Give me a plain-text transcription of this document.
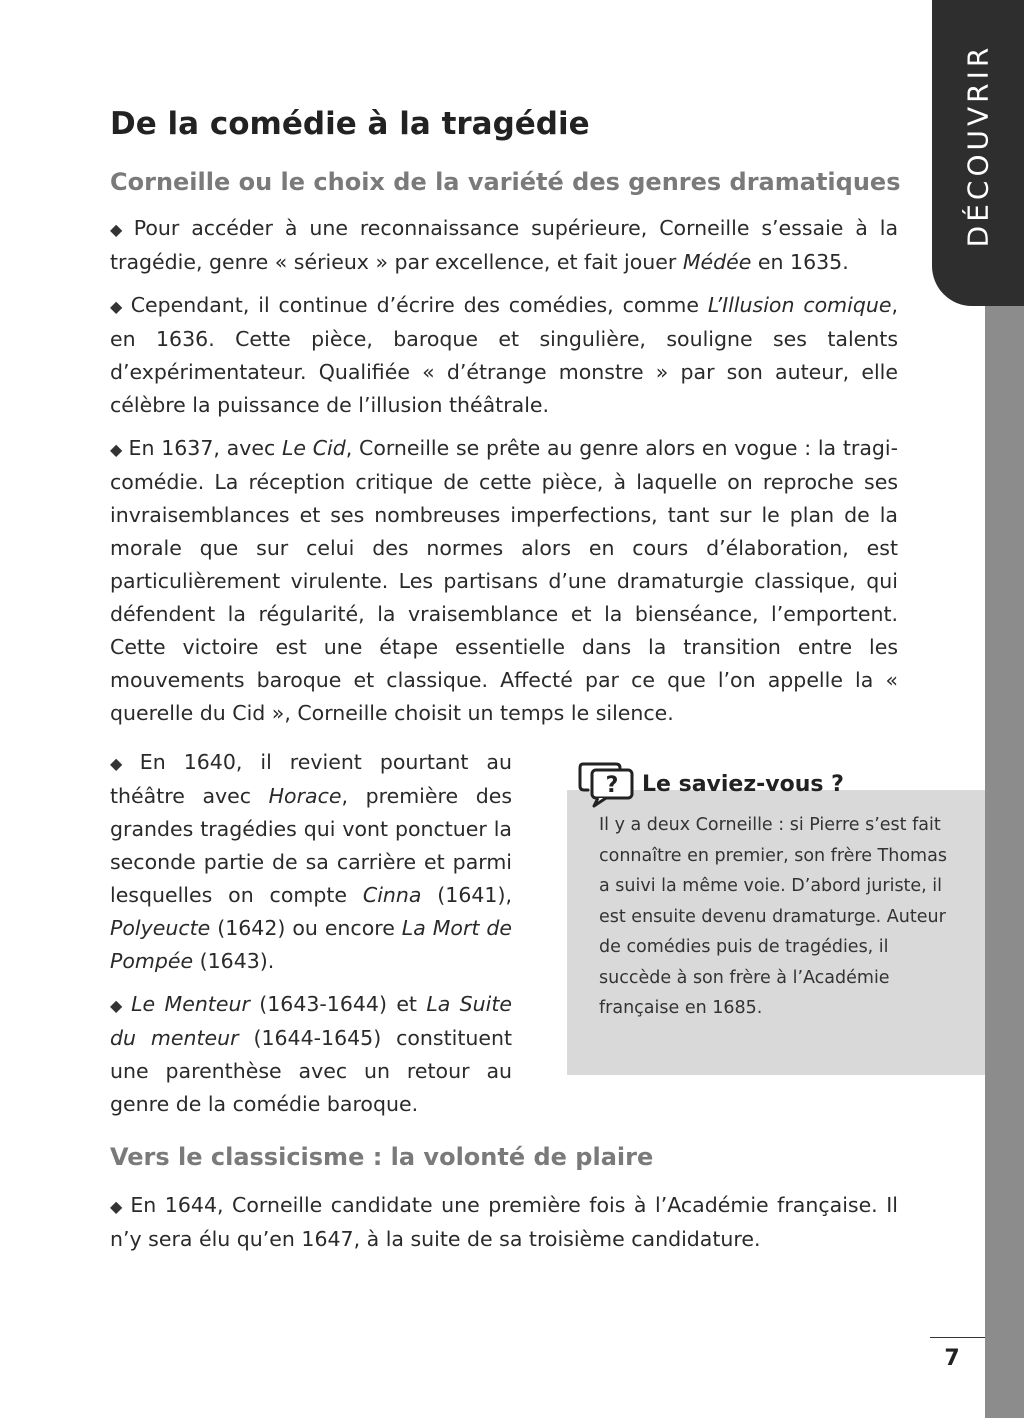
DÉCOUVRIR
De la comédie à la tragédie
Corneille ou le choix de la variété des genres dramatiques

◆ Pour accéder à une reconnaissance supérieure, Corneille s’essaie à la tragédie, genre « sérieux » par excellence, et fait jouer Médée en 1635.

◆ Cependant, il continue d’écrire des comédies, comme L’Illusion comique, en 1636. Cette pièce, baroque et singulière, souligne ses talents d’expérimentateur. Qualifiée « d’étrange monstre » par son auteur, elle célèbre la puissance de l’illusion théâtrale.

◆ En 1637, avec Le Cid, Corneille se prête au genre alors en vogue : la tragi-comédie. La réception critique de cette pièce, à laquelle on reproche ses invraisemblances et ses nombreuses imperfections, tant sur le plan de la morale que sur celui des normes alors en cours d’élaboration, est particulièrement virulente. Les partisans d’une dramaturgie classique, qui défendent la régularité, la vraisemblance et la bienséance, l’emportent. Cette victoire est une étape essentielle dans la transition entre les mouvements baroque et classique. Affecté par ce que l’on appelle la « querelle du Cid », Corneille choisit un temps le silence.

◆ En 1640, il revient pourtant au théâtre avec Horace, première des grandes tragédies qui vont ponctuer la seconde partie de sa carrière et parmi lesquelles on compte Cinna (1641), Polyeucte (1642) ou encore La Mort de Pompée (1643).

◆ Le Menteur (1643-1644) et La Suite du menteur (1644-1645) constituent une parenthèse avec un retour au genre de la comédie baroque.

? Le saviez-vous ?

Il y a deux Corneille : si Pierre s’est fait connaître en premier, son frère Thomas a suivi la même voie. D’abord juriste, il est ensuite devenu dramaturge. Auteur de comédies puis de tragédies, il succède à son frère à l’Académie française en 1685.

Vers le classicisme : la volonté de plaire

◆ En 1644, Corneille candidate une première fois à l’Académie française. Il n’y sera élu qu’en 1647, à la suite de sa troisième candidature.

7
